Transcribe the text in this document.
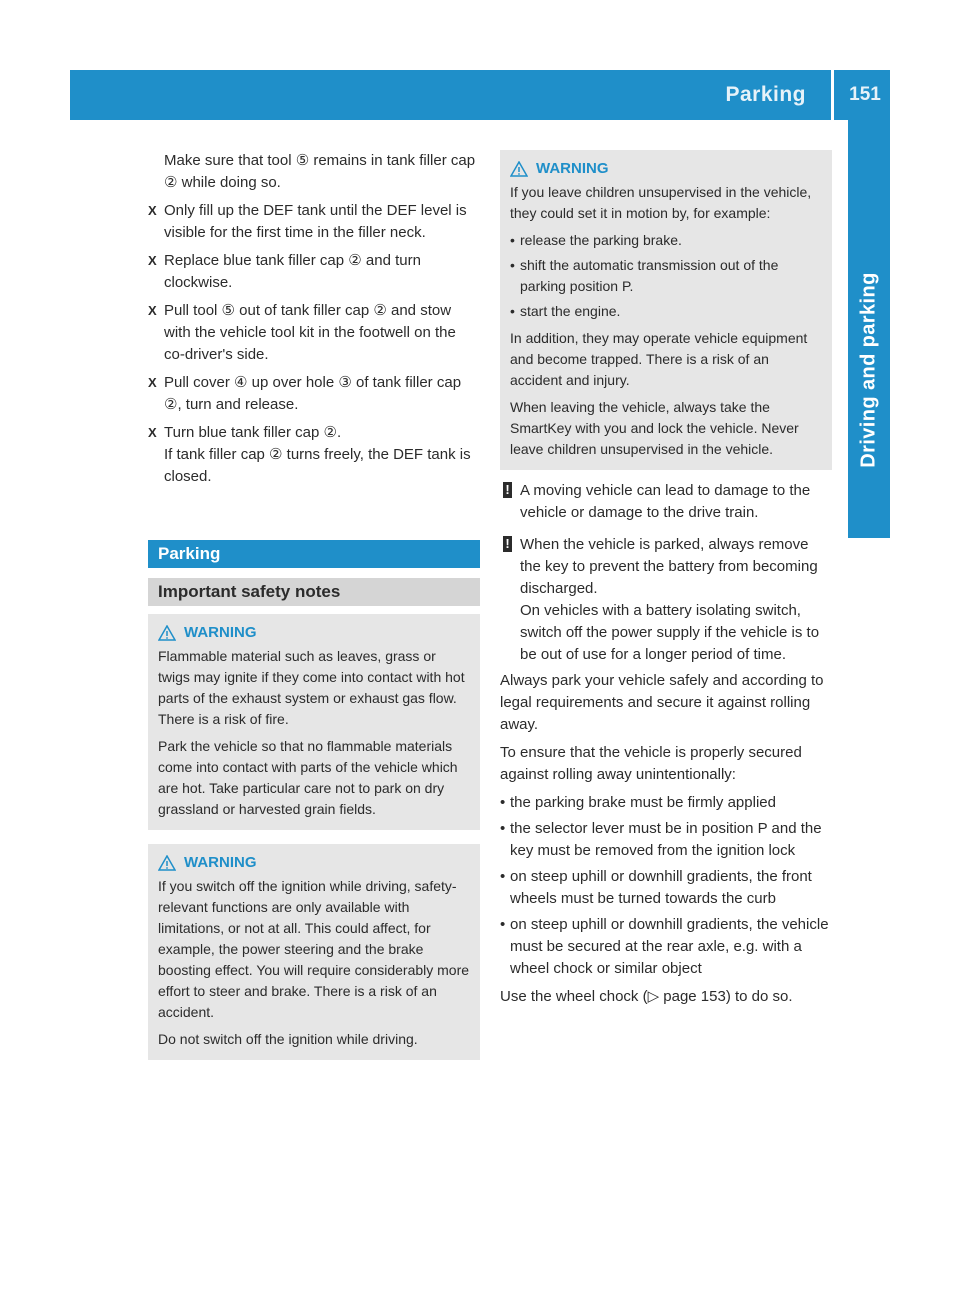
Parking	151
Driving and parking
Make sure that tool ⑤ remains in tank filler cap ② while doing so.
X Only fill up the DEF tank until the DEF level is visible for the first time in the filler neck.
X Replace blue tank filler cap ② and turn clockwise.
X Pull tool ⑤ out of tank filler cap ② and stow with the vehicle tool kit in the footwell on the co-driver's side.
X Pull cover ④ up over hole ③ of tank filler cap ②, turn and release.
X Turn blue tank filler cap ②.
If tank filler cap ② turns freely, the DEF tank is closed.
Parking
Important safety notes
WARNING

Flammable material such as leaves, grass or twigs may ignite if they come into contact with hot parts of the exhaust system or exhaust gas flow. There is a risk of fire.

Park the vehicle so that no flammable materials come into contact with parts of the vehicle which are hot. Take particular care not to park on dry grassland or harvested grain fields.

WARNING

If you switch off the ignition while driving, safety-relevant functions are only available with limitations, or not at all. This could affect, for example, the power steering and the brake boosting effect. You will require considerably more effort to steer and brake. There is a risk of an accident.

Do not switch off the ignition while driving.

WARNING

If you leave children unsupervised in the vehicle, they could set it in motion by, for example:

• release the parking brake.
• shift the automatic transmission out of the parking position P.
• start the engine.

In addition, they may operate vehicle equipment and become trapped. There is a risk of an accident and injury.

When leaving the vehicle, always take the SmartKey with you and lock the vehicle. Never leave children unsupervised in the vehicle.

! A moving vehicle can lead to damage to the vehicle or damage to the drive train.
! When the vehicle is parked, always remove the key to prevent the battery from becoming discharged.
On vehicles with a battery isolating switch, switch off the power supply if the vehicle is to be out of use for a longer period of time.

Always park your vehicle safely and according to legal requirements and secure it against rolling away.

To ensure that the vehicle is properly secured against rolling away unintentionally:

• the parking brake must be firmly applied
• the selector lever must be in position P and the key must be removed from the ignition lock
• on steep uphill or downhill gradients, the front wheels must be turned towards the curb
• on steep uphill or downhill gradients, the vehicle must be secured at the rear axle, e.g. with a wheel chock or similar object

Use the wheel chock (▷ page 153) to do so.
